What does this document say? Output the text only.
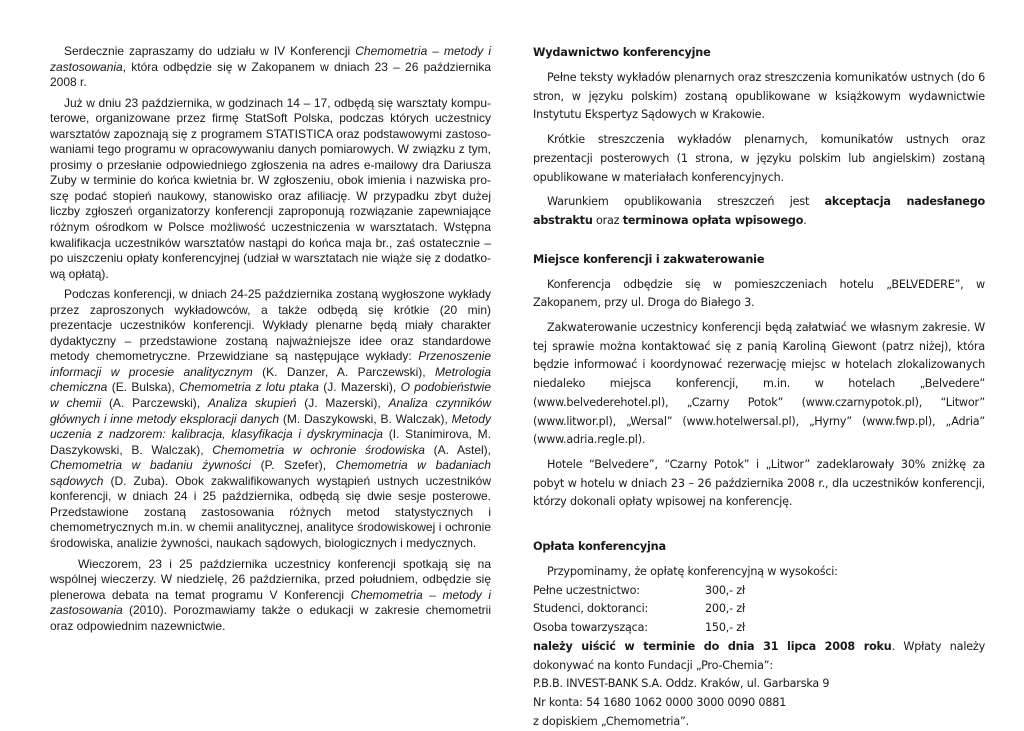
Serdecznie zapraszamy do udziału w IV Konferencji Chemometria – metody i zastosowania, która odbędzie się w Zakopanem w dniach 23 – 26 października 2008 r.

Już w dniu 23 października, w godzinach 14 – 17, odbędą się warsztaty komputerowe, organizowane przez firmę StatSoft Polska, podczas których uczestnicy warsztatów zapoznają się z programem STATISTICA oraz podstawowymi zastosowaniami tego programu w opracowywaniu danych pomiarowych. W związku z tym, prosimy o przesłanie odpowiedniego zgłoszenia na adres e-mailowy dra Dariusza Zuby w terminie do końca kwietnia br. W zgłoszeniu, obok imienia i nazwiska proszę podać stopień naukowy, stanowisko oraz afiliację. W przypadku zbyt dużej liczby zgłoszeń organizatorzy konferencji zaproponują rozwiązanie zapewniające różnym ośrodkom w Polsce możliwość uczestniczenia w warsztatach. Wstępna kwalifikacja uczestników warsztatów nastąpi do końca maja br., zaś ostatecznie – po uiszczeniu opłaty konferencyjnej (udział w warsztatach nie wiąże się z dodatkową opłatą).

Podczas konferencji, w dniach 24-25 października zostaną wygłoszone wykłady przez zaproszonych wykładowców, a także odbędą się krótkie (20 min) prezentacje uczestników konferencji. Wykłady plenarne będą miały charakter dydaktyczny – przedstawione zostaną najważniejsze idee oraz standardowe metody chemometryczne. Przewidziane są następujące wykłady: Przenoszenie informacji w procesie analitycznym (K. Danzer, A. Parczewski), Metrologia chemiczna (E. Bulska), Chemometria z lotu ptaka (J. Mazerski), O podobieństwie w chemii (A. Parczewski), Analiza skupień (J. Mazerski), Analiza czynników głównych i inne metody eksploracji danych (M. Daszykowski, B. Walczak), Metody uczenia z nadzorem: kalibracja, klasyfikacja i dyskryminacja (I. Stanimirova, M. Daszykowski, B. Walczak), Chemometria w ochronie środowiska (A. Astel), Chemometria w badaniu żywności (P. Szefer), Chemometria w badaniach sądowych (D. Zuba). Obok zakwalifikowanych wystąpień ustnych uczestników konferencji, w dniach 24 i 25 października, odbędą się dwie sesje posterowe. Przedstawione zostaną zastosowania różnych metod statystycznych i chemometrycznych m.in. w chemii analitycznej, analityce środowiskowej i ochronie środowiska, analizie żywności, naukach sądowych, biologicznych i medycznych.

Wieczorem, 23 i 25 października uczestnicy konferencji spotkają się na wspólnej wieczerzy. W niedzielę, 26 października, przed południem, odbędzie się plenerowa debata na temat programu V Konferencji Chemometria – metody i zastosowania (2010). Porozmawiamy także o edukacji w zakresie chemometrii oraz odpowiednim nazewnictwie.

Wydawnictwo konferencyjne

Pełne teksty wykładów plenarnych oraz streszczenia komunikatów ustnych (do 6 stron, w języku polskim) zostaną opublikowane w książkowym wydawnictwie Instytutu Ekspertyz Sądowych w Krakowie.

Krótkie streszczenia wykładów plenarnych, komunikatów ustnych oraz prezentacji posterowych (1 strona, w języku polskim lub angielskim) zostaną opublikowane w materiałach konferencyjnych.

Warunkiem opublikowania streszczeń jest akceptacja nadesłanego abstraktu oraz terminowa opłata wpisowego.

Miejsce konferencji i zakwaterowanie

Konferencja odbędzie się w pomieszczeniach hotelu „BELVEDERE”, w Zakopanem, przy ul. Droga do Białego 3.

Zakwaterowanie uczestnicy konferencji będą załatwiać we własnym zakresie. W tej sprawie można kontaktować się z panią Karoliną Giewont (patrz niżej), która będzie informować i koordynować rezerwację miejsc w hotelach zlokalizowanych niedaleko miejsca konferencji, m.in. w hotelach „Belvedere” (www.belvederehotel.pl), „Czarny Potok” (www.czarnypotok.pl), “Litwor” (www.litwor.pl), „Wersal” (www.hotelwersal.pl), „Hyrny” (www.fwp.pl), „Adria” (www.adria.regle.pl).

Hotele “Belvedere”, “Czarny Potok” i „Litwor” zadeklarowały 30% zniżkę za pobyt w hotelu w dniach 23 – 26 października 2008 r., dla uczestników konferencji, którzy dokonali opłaty wpisowej na konferencję.

Opłata konferencyjna

Przypominamy, że opłatę konferencyjną w wysokości:

Pełne uczestnictwo:	300,- zł
Studenci, doktoranci:	200,- zł
Osoba towarzysząca:	150,- zł

należy uiścić w terminie do dnia 31 lipca 2008 roku. Wpłaty należy dokonywać na konto Fundacji „Pro-Chemia”:

P.B.B. INVEST-BANK S.A. Oddz. Kraków, ul. Garbarska 9

Nr konta: 54 1680 1062 0000 3000 0090 0881

z dopiskiem „Chemometria”.
